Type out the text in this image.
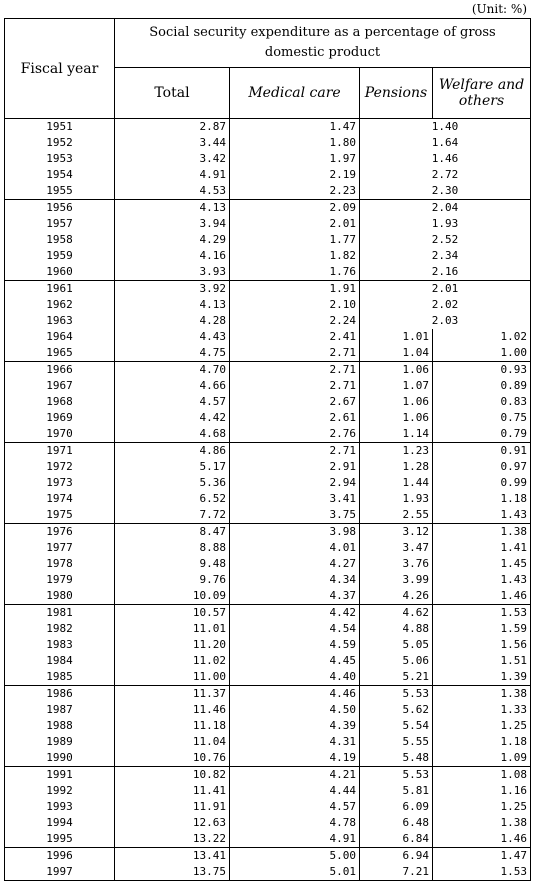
(Unit: %)
Fiscal year	Social security expenditure as a percentage of gross domestic product			
	Total	Medical care	Pensions	Welfare and
others
1951	2.87	1.47	1.40	
1952	3.44	1.80	1.64	
1953	3.42	1.97	1.46	
1954	4.91	2.19	2.72	
1955	4.53	2.23	2.30	
1956	4.13	2.09	2.04	
1957	3.94	2.01	1.93	
1958	4.29	1.77	2.52	
1959	4.16	1.82	2.34	
1960	3.93	1.76	2.16	
1961	3.92	1.91	2.01	
1962	4.13	2.10	2.02	
1963	4.28	2.24	2.03	
1964	4.43	2.41	1.01	1.02
1965	4.75	2.71	1.04	1.00
1966	4.70	2.71	1.06	0.93
1967	4.66	2.71	1.07	0.89
1968	4.57	2.67	1.06	0.83
1969	4.42	2.61	1.06	0.75
1970	4.68	2.76	1.14	0.79
1971	4.86	2.71	1.23	0.91
1972	5.17	2.91	1.28	0.97
1973	5.36	2.94	1.44	0.99
1974	6.52	3.41	1.93	1.18
1975	7.72	3.75	2.55	1.43
1976	8.47	3.98	3.12	1.38
1977	8.88	4.01	3.47	1.41
1978	9.48	4.27	3.76	1.45
1979	9.76	4.34	3.99	1.43
1980	10.09	4.37	4.26	1.46
1981	10.57	4.42	4.62	1.53
1982	11.01	4.54	4.88	1.59
1983	11.20	4.59	5.05	1.56
1984	11.02	4.45	5.06	1.51
1985	11.00	4.40	5.21	1.39
1986	11.37	4.46	5.53	1.38
1987	11.46	4.50	5.62	1.33
1988	11.18	4.39	5.54	1.25
1989	11.04	4.31	5.55	1.18
1990	10.76	4.19	5.48	1.09
1991	10.82	4.21	5.53	1.08
1992	11.41	4.44	5.81	1.16
1993	11.91	4.57	6.09	1.25
1994	12.63	4.78	6.48	1.38
1995	13.22	4.91	6.84	1.46
1996	13.41	5.00	6.94	1.47
1997	13.75	5.01	7.21	1.53
